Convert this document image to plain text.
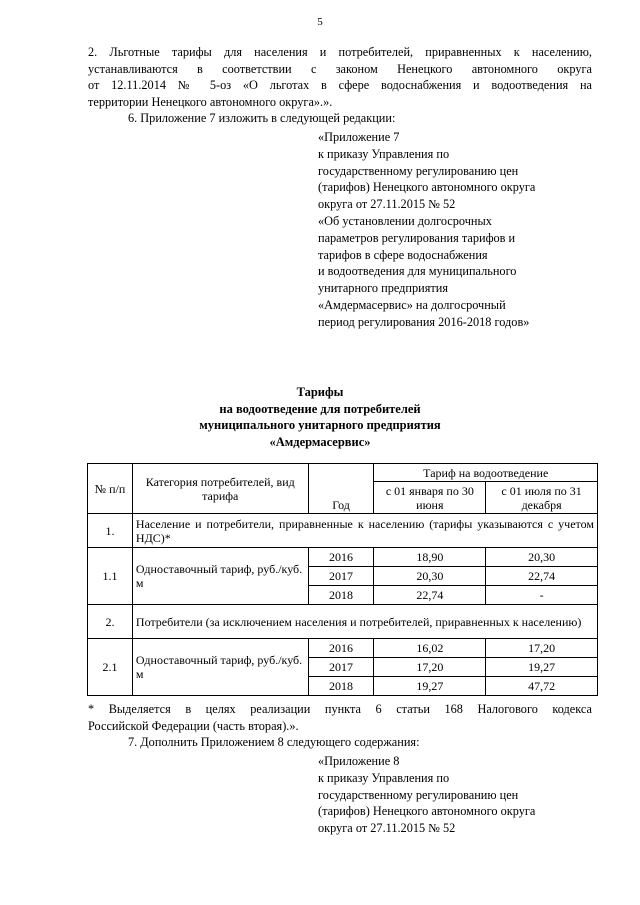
5
2. Льготные тарифы для населения и потребителей, приравненных к населению,
устанавливаются в соответствии с законом Ненецкого автономного округа
от 12.11.2014 № 5-оз «О льготах в сфере водоснабжения и водоотведения на
территории Ненецкого автономного округа».».
6. Приложение 7 изложить в следующей редакции:
«Приложение 7
к приказу Управления по
государственному регулированию цен
(тарифов) Ненецкого автономного округа
округа от 27.11.2015 № 52
«Об установлении долгосрочных
параметров регулирования тарифов и
тарифов в сфере водоснабжения
и водоотведения для муниципального
унитарного предприятия
«Амдермасервис» на долгосрочный
период регулирования 2016-2018 годов»
Тарифы
на водоотведение для потребителей
муниципального унитарного предприятия
«Амдермасервис»
№ п/п	Категория потребителей, вид тарифа	Год	Тариф на водоотведение	
			с 01 января по 30 июня	с 01 июля по 31 декабря
1.	Население и потребители, приравненные к населению (тарифы указываются с учетом НДС)*			
1.1	Одноставочный тариф, руб./куб. м	2016	18,90	20,30
		2017	20,30	22,74
		2018	22,74	-
2.	Потребители (за исключением населения и потребителей, приравненных к населению)			
2.1	Одноставочный тариф, руб./куб. м	2016	16,02	17,20
		2017	17,20	19,27
		2018	19,27	47,72
* Выделяется в целях реализации пункта 6 статьи 168 Налогового кодекса
Российской Федерации (часть вторая).».
7. Дополнить Приложением 8 следующего содержания:
«Приложение 8
к приказу Управления по
государственному регулированию цен
(тарифов) Ненецкого автономного округа
округа от 27.11.2015 № 52
